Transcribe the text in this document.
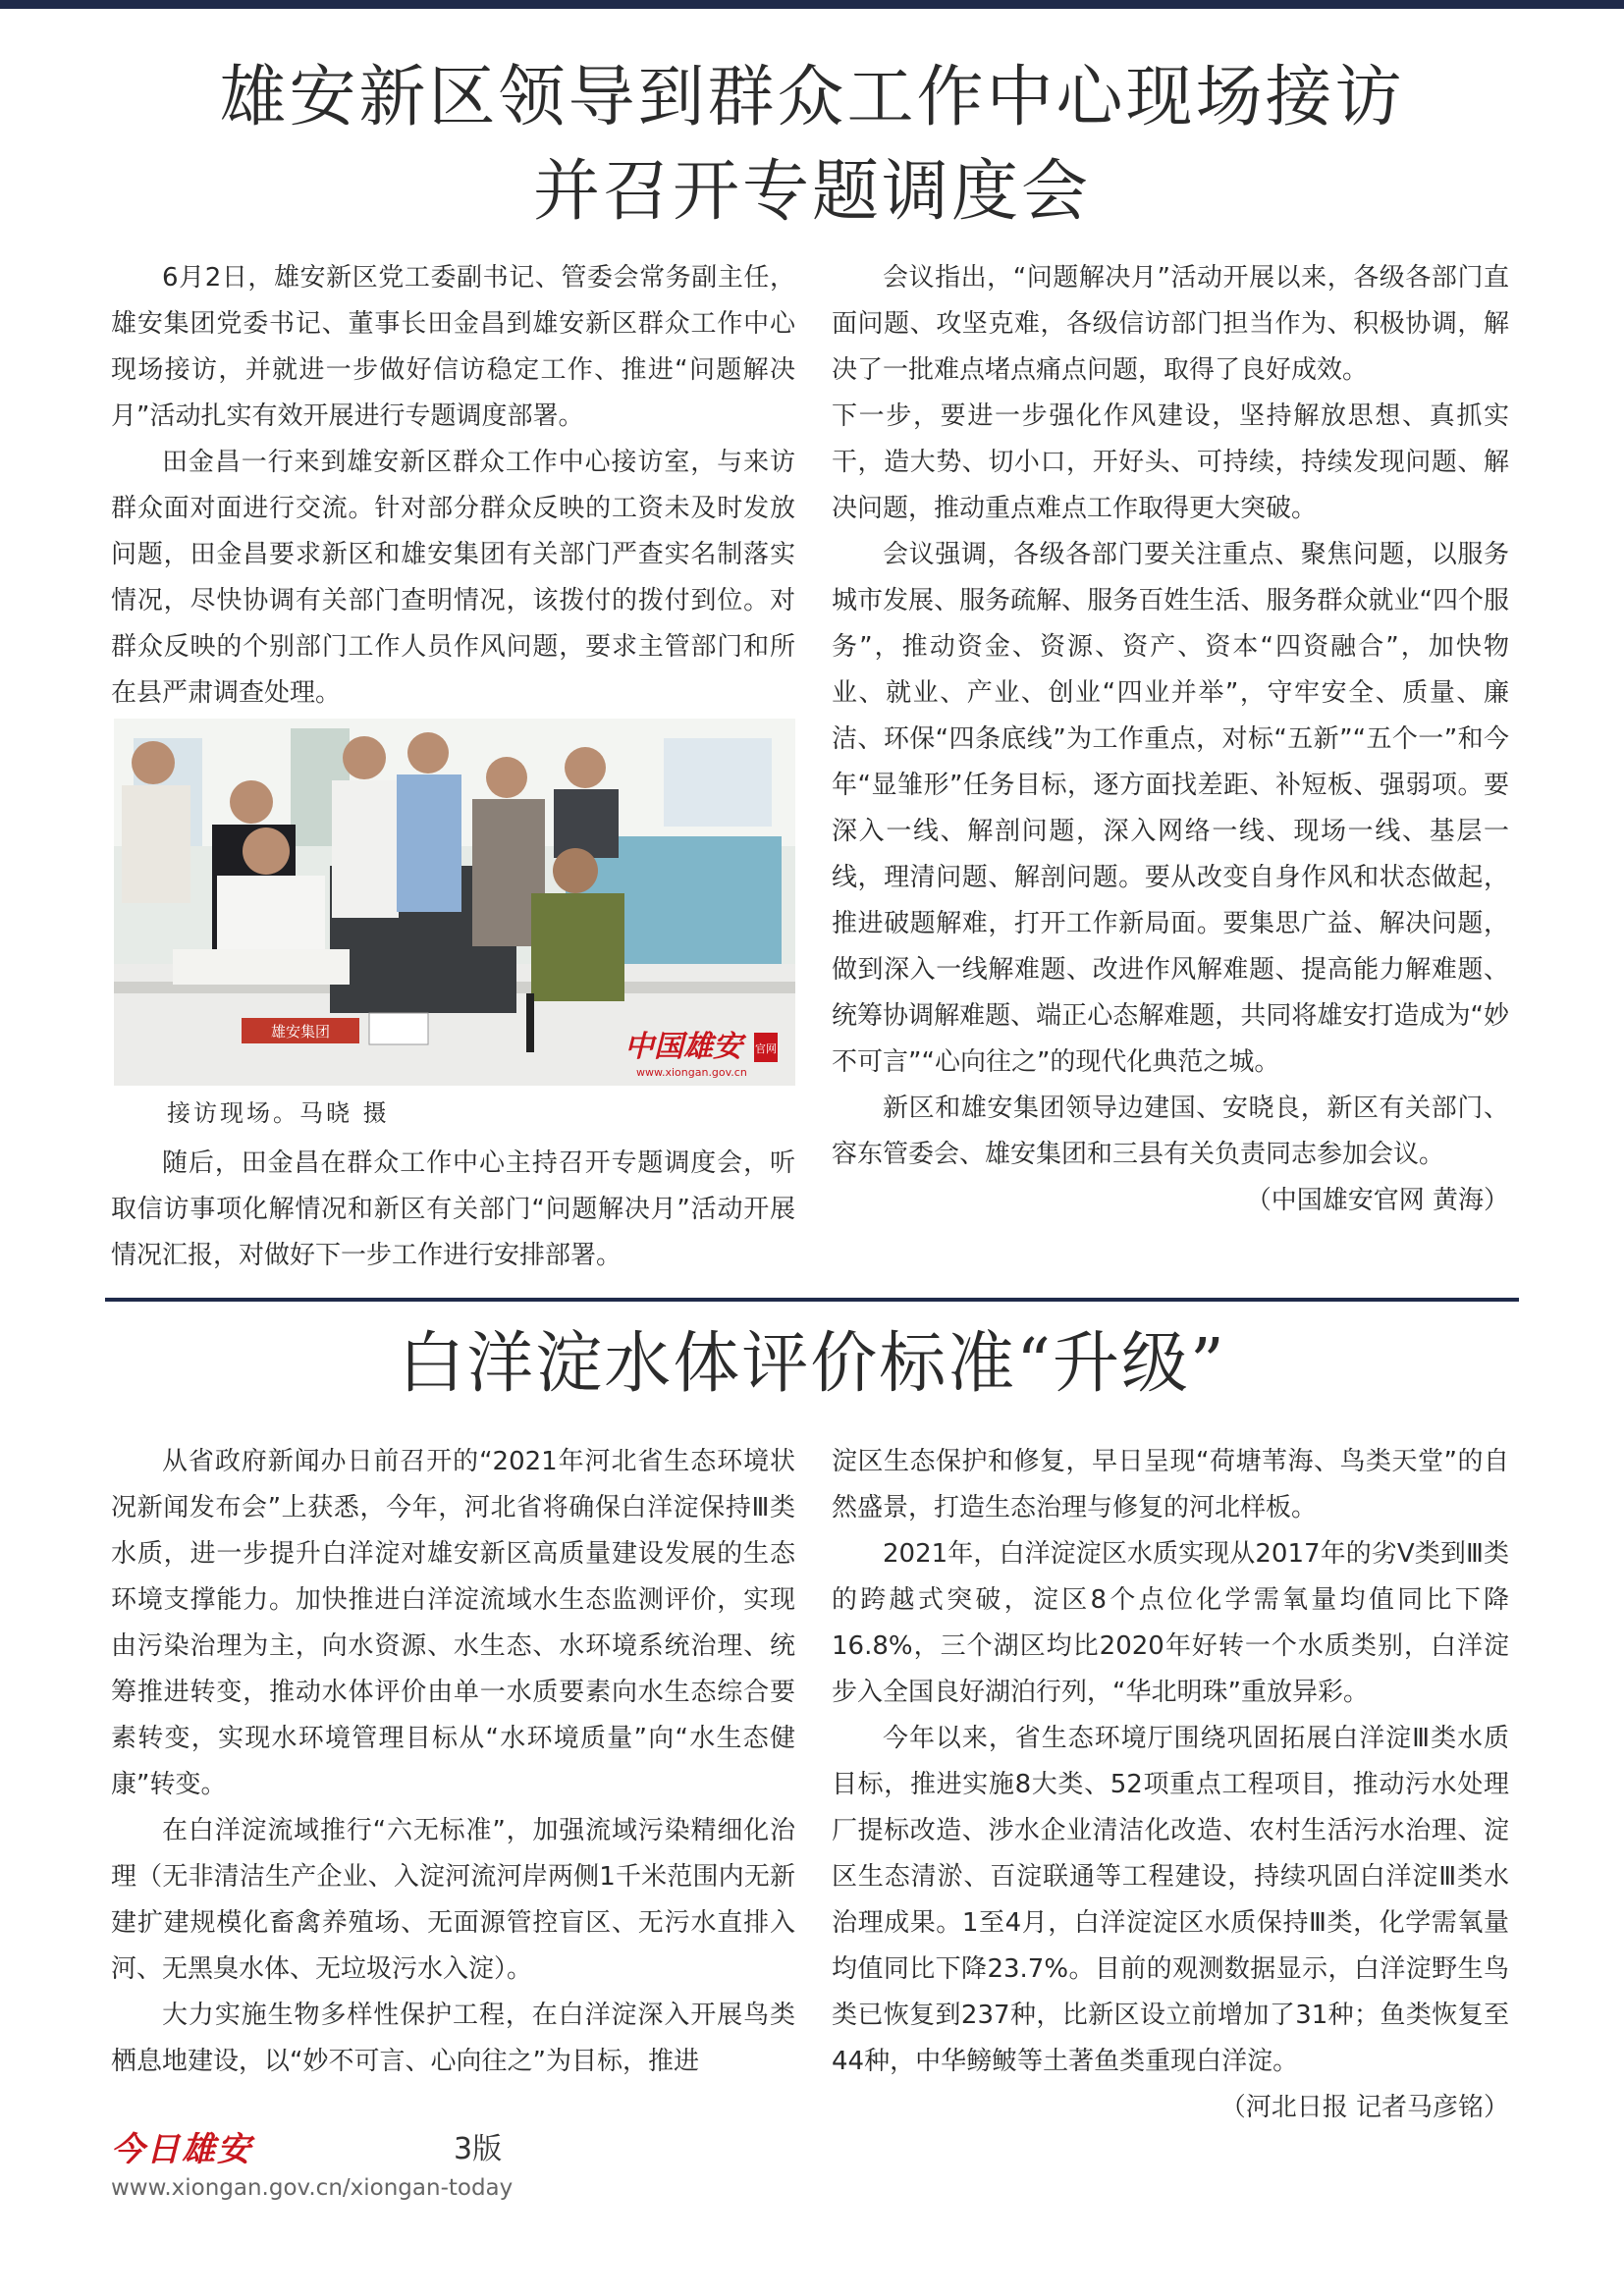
雄安新区领导到群众工作中心现场接访
并召开专题调度会

6月2日，雄安新区党工委副书记、管委会常务副主任，雄安集团党委书记、董事长田金昌到雄安新区群众工作中心现场接访，并就进一步做好信访稳定工作、推进“问题解决月”活动扎实有效开展进行专题调度部署。

田金昌一行来到雄安新区群众工作中心接访室，与来访群众面对面进行交流。针对部分群众反映的工资未及时发放问题，田金昌要求新区和雄安集团有关部门严查实名制落实情况，尽快协调有关部门查明情况，该拨付的拨付到位。对群众反映的个别部门工作人员作风问题，要求主管部门和所在县严肃调查处理。

雄安集团	中国雄安	官网
www.xiongan.gov.cn
接访现场。马晓 摄

随后，田金昌在群众工作中心主持召开专题调度会，听取信访事项化解情况和新区有关部门“问题解决月”活动开展情况汇报，对做好下一步工作进行安排部署。

会议指出，“问题解决月”活动开展以来，各级各部门直面问题、攻坚克难，各级信访部门担当作为、积极协调，解决了一批难点堵点痛点问题，取得了良好成效。

下一步，要进一步强化作风建设，坚持解放思想、真抓实干，造大势、切小口，开好头、可持续，持续发现问题、解决问题，推动重点难点工作取得更大突破。

会议强调，各级各部门要关注重点、聚焦问题，以服务城市发展、服务疏解、服务百姓生活、服务群众就业“四个服务”，推动资金、资源、资产、资本“四资融合”，加快物业、就业、产业、创业“四业并举”，守牢安全、质量、廉洁、环保“四条底线”为工作重点，对标“五新”“五个一”和今年“显雏形”任务目标，逐方面找差距、补短板、强弱项。要深入一线、解剖问题，深入网络一线、现场一线、基层一线，理清问题、解剖问题。要从改变自身作风和状态做起，推进破题解难，打开工作新局面。要集思广益、解决问题，做到深入一线解难题、改进作风解难题、提高能力解难题、统筹协调解难题、端正心态解难题，共同将雄安打造成为“妙不可言”“心向往之”的现代化典范之城。

新区和雄安集团领导边建国、安晓良，新区有关部门、容东管委会、雄安集团和三县有关负责同志参加会议。
（中国雄安官网 黄海）

白洋淀水体评价标准“升级”

从省政府新闻办日前召开的“2021年河北省生态环境状况新闻发布会”上获悉，今年，河北省将确保白洋淀保持Ⅲ类水质，进一步提升白洋淀对雄安新区高质量建设发展的生态环境支撑能力。加快推进白洋淀流域水生态监测评价，实现由污染治理为主，向水资源、水生态、水环境系统治理、统筹推进转变，推动水体评价由单一水质要素向水生态综合要素转变，实现水环境管理目标从“水环境质量”向“水生态健康”转变。

在白洋淀流域推行“六无标准”，加强流域污染精细化治理（无非清洁生产企业、入淀河流河岸两侧1千米范围内无新建扩建规模化畜禽养殖场、无面源管控盲区、无污水直排入河、无黑臭水体、无垃圾污水入淀）。

大力实施生物多样性保护工程，在白洋淀深入开展鸟类栖息地建设，以“妙不可言、心向往之”为目标，推进

淀区生态保护和修复，早日呈现“荷塘苇海、鸟类天堂”的自然盛景，打造生态治理与修复的河北样板。

2021年，白洋淀淀区水质实现从2017年的劣Ⅴ类到Ⅲ类的跨越式突破，淀区8个点位化学需氧量均值同比下降16.8%，三个湖区均比2020年好转一个水质类别，白洋淀步入全国良好湖泊行列，“华北明珠”重放异彩。

今年以来，省生态环境厅围绕巩固拓展白洋淀Ⅲ类水质目标，推进实施8大类、52项重点工程项目，推动污水处理厂提标改造、涉水企业清洁化改造、农村生活污水治理、淀区生态清淤、百淀联通等工程建设，持续巩固白洋淀Ⅲ类水治理成果。1至4月，白洋淀淀区水质保持Ⅲ类，化学需氧量均值同比下降23.7%。目前的观测数据显示，白洋淀野生鸟类已恢复到237种，比新区设立前增加了31种；鱼类恢复至44种，中华鳑鲏等土著鱼类重现白洋淀。
（河北日报 记者马彦铭）

今日雄安	3版
www.xiongan.gov.cn/xiongan-today
